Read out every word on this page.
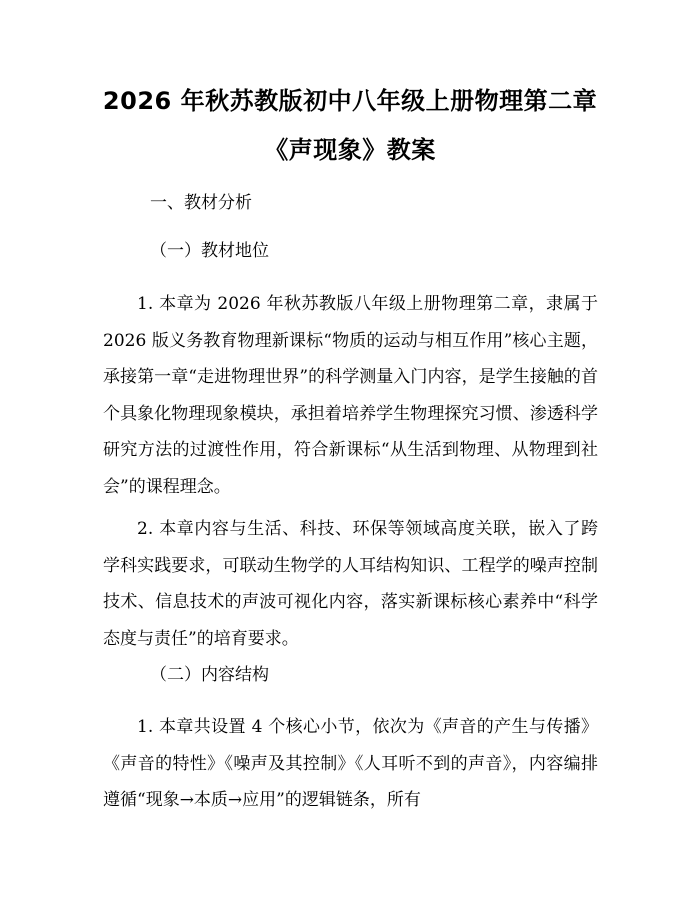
2026 年秋苏教版初中八年级上册物理第二章
《声现象》教案

一、教材分析

（一）教材地位

1. 本章为 2026 年秋苏教版八年级上册物理第二章，隶属于 2026 版义务教育物理新课标“物质的运动与相互作用”核心主题，承接第一章“走进物理世界”的科学测量入门内容，是学生接触的首个具象化物理现象模块，承担着培养学生物理探究习惯、渗透科学研究方法的过渡性作用，符合新课标“从生活到物理、从物理到社会”的课程理念。

2. 本章内容与生活、科技、环保等领域高度关联，嵌入了跨学科实践要求，可联动生物学的人耳结构知识、工程学的噪声控制技术、信息技术的声波可视化内容，落实新课标核心素养中“科学态度与责任”的培育要求。

（二）内容结构

1. 本章共设置 4 个核心小节，依次为《声音的产生与传播》《声音的特性》《噪声及其控制》《人耳听不到的声音》，内容编排遵循“现象→本质→应用”的逻辑链条，所有
